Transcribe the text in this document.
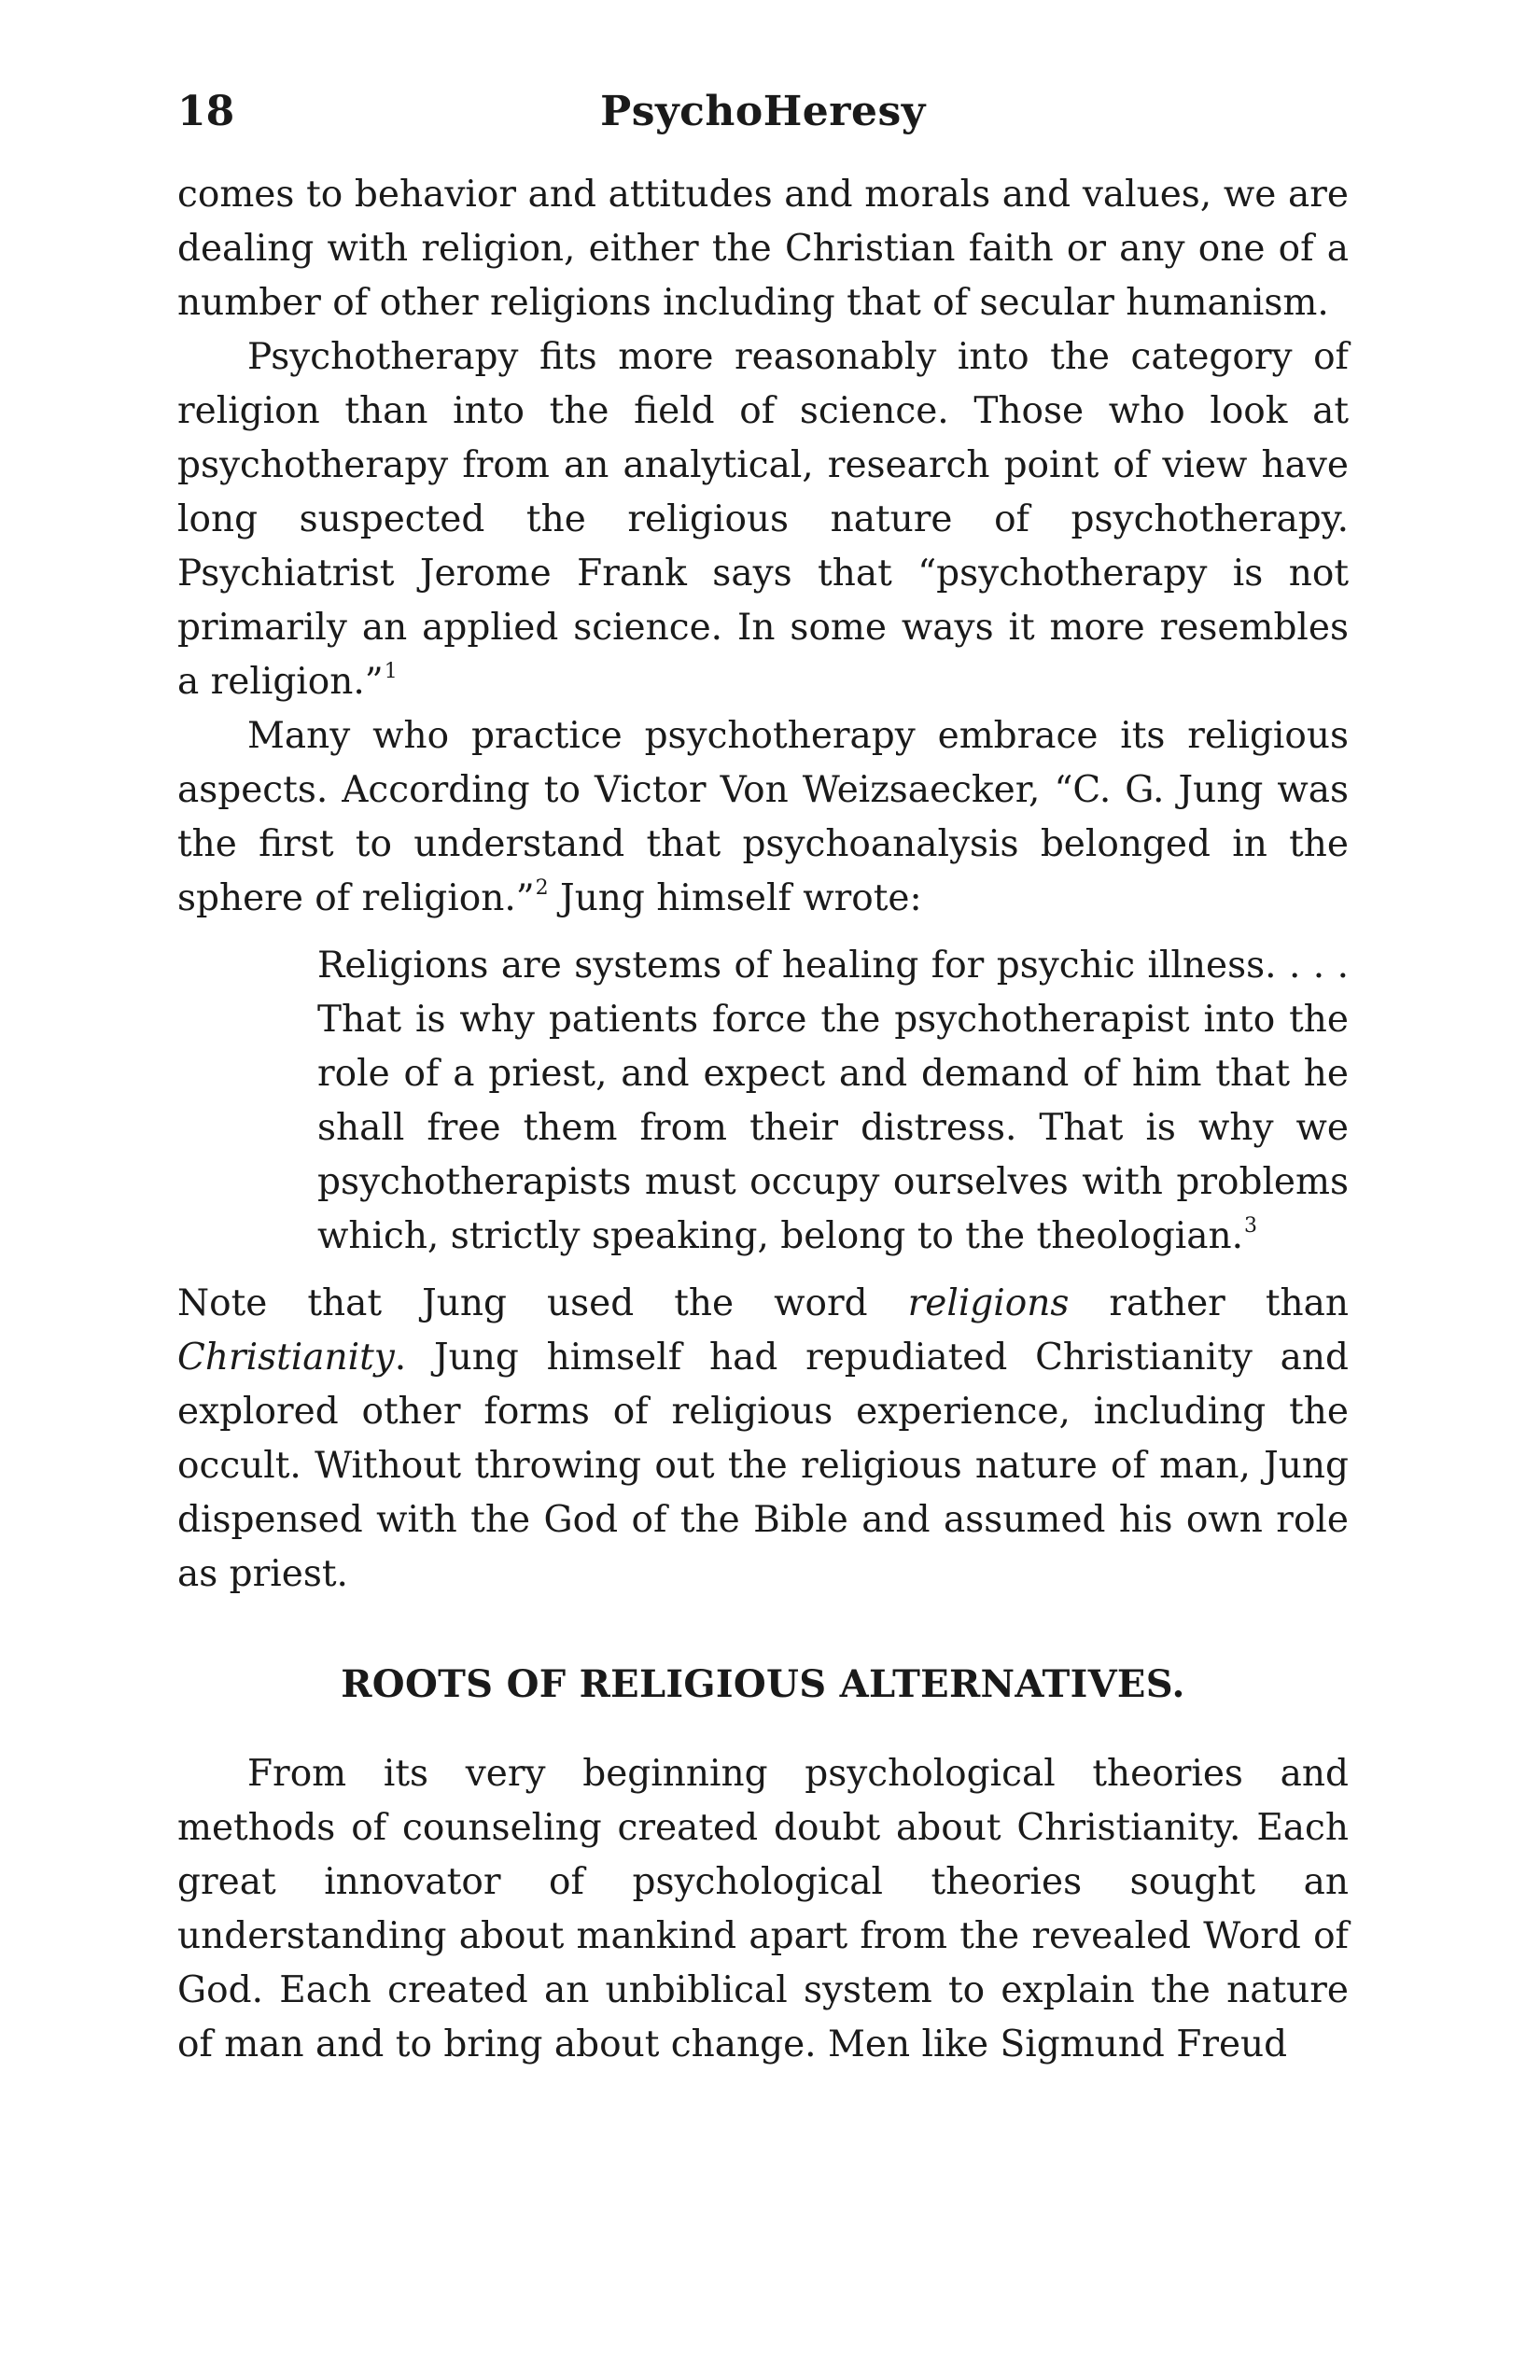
18	PsychoHeresy

comes to behavior and attitudes and morals and values, we are dealing with religion, either the Christian faith or any one of a number of other religions including that of secular humanism.

Psychotherapy fits more reasonably into the category of religion than into the field of science. Those who look at psychotherapy from an analytical, research point of view have long suspected the religious nature of psychotherapy. Psychiatrist Jerome Frank says that “psychotherapy is not primarily an applied science. In some ways it more resembles a religion.”$^1$

Many who practice psychotherapy embrace its religious aspects. According to Victor Von Weizsaecker, “C. G. Jung was the first to understand that psychoanalysis belonged in the sphere of religion.”$^2$ Jung himself wrote:

Religions are systems of healing for psychic illness. . . . That is why patients force the psychotherapist into the role of a priest, and expect and demand of him that he shall free them from their distress. That is why we psychotherapists must occupy ourselves with problems which, strictly speaking, belong to the theologian.$^3$

Note that Jung used the word religions rather than Christianity. Jung himself had repudiated Christianity and explored other forms of religious experience, including the occult. Without throwing out the religious nature of man, Jung dispensed with the God of the Bible and assumed his own role as priest.

ROOTS OF RELIGIOUS ALTERNATIVES.

From its very beginning psychological theories and methods of counseling created doubt about Christianity. Each great innovator of psychological theories sought an understanding about mankind apart from the revealed Word of God. Each created an unbiblical system to explain the nature of man and to bring about change. Men like Sigmund Freud
